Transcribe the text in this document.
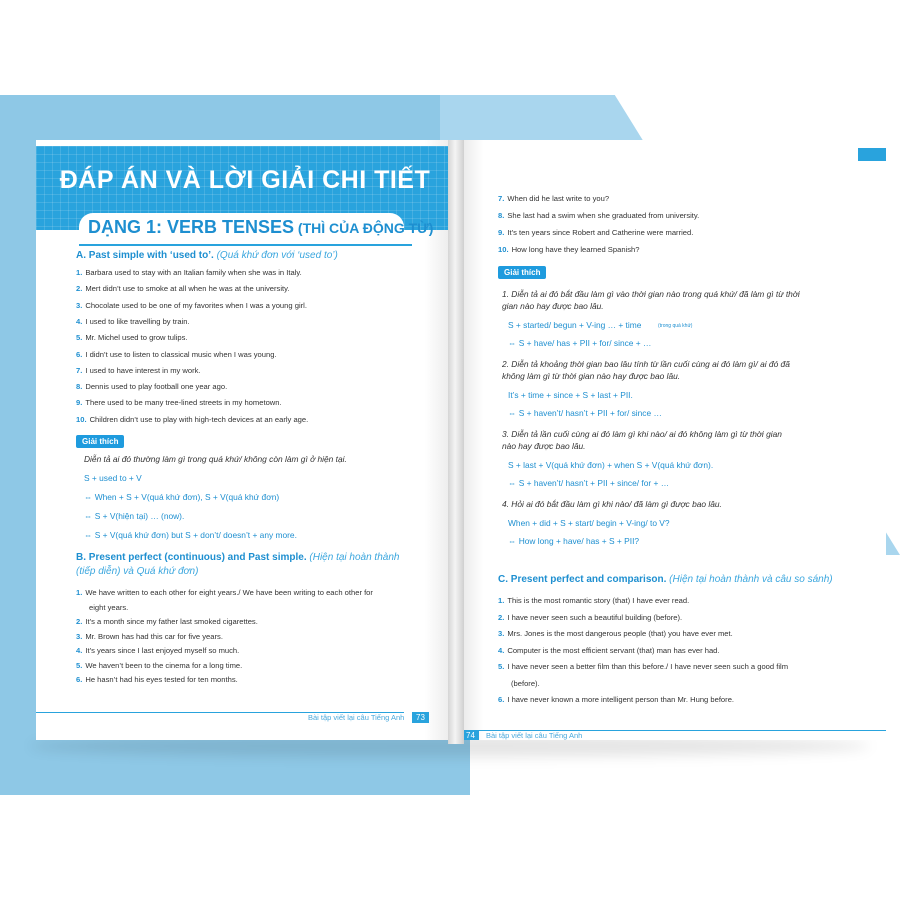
ĐÁP ÁN VÀ LỜI GIẢI CHI TIẾT
DẠNG 1: VERB TENSES (THÌ CỦA ĐỘNG TỪ)
A. Past simple with ‘used to’. (Quá khứ đơn với ‘used to’)
1. Barbara used to stay with an Italian family when she was in Italy.
2. Mert didn’t use to smoke at all when he was at the university.
3. Chocolate used to be one of my favorites when I was a young girl.
4. I used to like travelling by train.
5. Mr. Michel used to grow tulips.
6. I didn’t use to listen to classical music when I was young.
7. I used to have interest in my work.
8. Dennis used to play football one year ago.
9. There used to be many tree-lined streets in my hometown.
10. Children didn’t use to play with high-tech devices at an early age.
Giải thích
Diễn tả ai đó thường làm gì trong quá khứ/ không còn làm gì ở hiện tại.
S + used to + V
⇔ When + S + V(quá khứ đơn), S + V(quá khứ đơn)
⇔ S + V(hiện tại) … (now).
⇔ S + V(quá khứ đơn) but S + don’t/ doesn’t + any more.
B. Present perfect (continuous) and Past simple. (Hiện tại hoàn thành
(tiếp diễn) và Quá khứ đơn)
1. We have written to each other for eight years./ We have been writing to each other for
eight years.
2. It’s a month since my father last smoked cigarettes.
3. Mr. Brown has had this car for five years.
4. It’s years since I last enjoyed myself so much.
5. We haven’t been to the cinema for a long time.
6. He hasn’t had his eyes tested for ten months.
Bài tập viết lại câu Tiếng Anh	73
7. When did he last write to you?
8. She last had a swim when she graduated from university.
9. It’s ten years since Robert and Catherine were married.
10. How long have they learned Spanish?
Giải thích
1. Diễn tả ai đó bắt đầu làm gì vào thời gian nào trong quá khứ/ đã làm gì từ thời
gian nào hay được bao lâu.
S + started/ begun + V-ing … + time	(trong quá khứ)
⇔ S + have/ has + PII + for/ since + …
2. Diễn tả khoảng thời gian bao lâu tính từ lần cuối cùng ai đó làm gì/ ai đó đã
không làm gì từ thời gian nào hay được bao lâu.
It’s + time + since + S + last + PII.
⇔ S + haven’t/ hasn’t + PII + for/ since …
3. Diễn tả lần cuối cùng ai đó làm gì khi nào/ ai đó không làm gì từ thời gian
nào hay được bao lâu.
S + last + V(quá khứ đơn) + when S + V(quá khứ đơn).
⇔ S + haven’t/ hasn’t + PII + since/ for + …
4. Hỏi ai đó bắt đầu làm gì khi nào/ đã làm gì được bao lâu.
When + did + S + start/ begin + V-ing/ to V?
⇔ How long + have/ has + S + PII?
C. Present perfect and comparison. (Hiện tại hoàn thành và câu so sánh)
1. This is the most romantic story (that) I have ever read.
2. I have never seen such a beautiful building (before).
3. Mrs. Jones is the most dangerous people (that) you have ever met.
4. Computer is the most efficient servant (that) man has ever had.
5. I have never seen a better film than this before./ I have never seen such a good film
(before).
6. I have never known a more intelligent person than Mr. Hung before.
74	Bài tập viết lại câu Tiếng Anh
